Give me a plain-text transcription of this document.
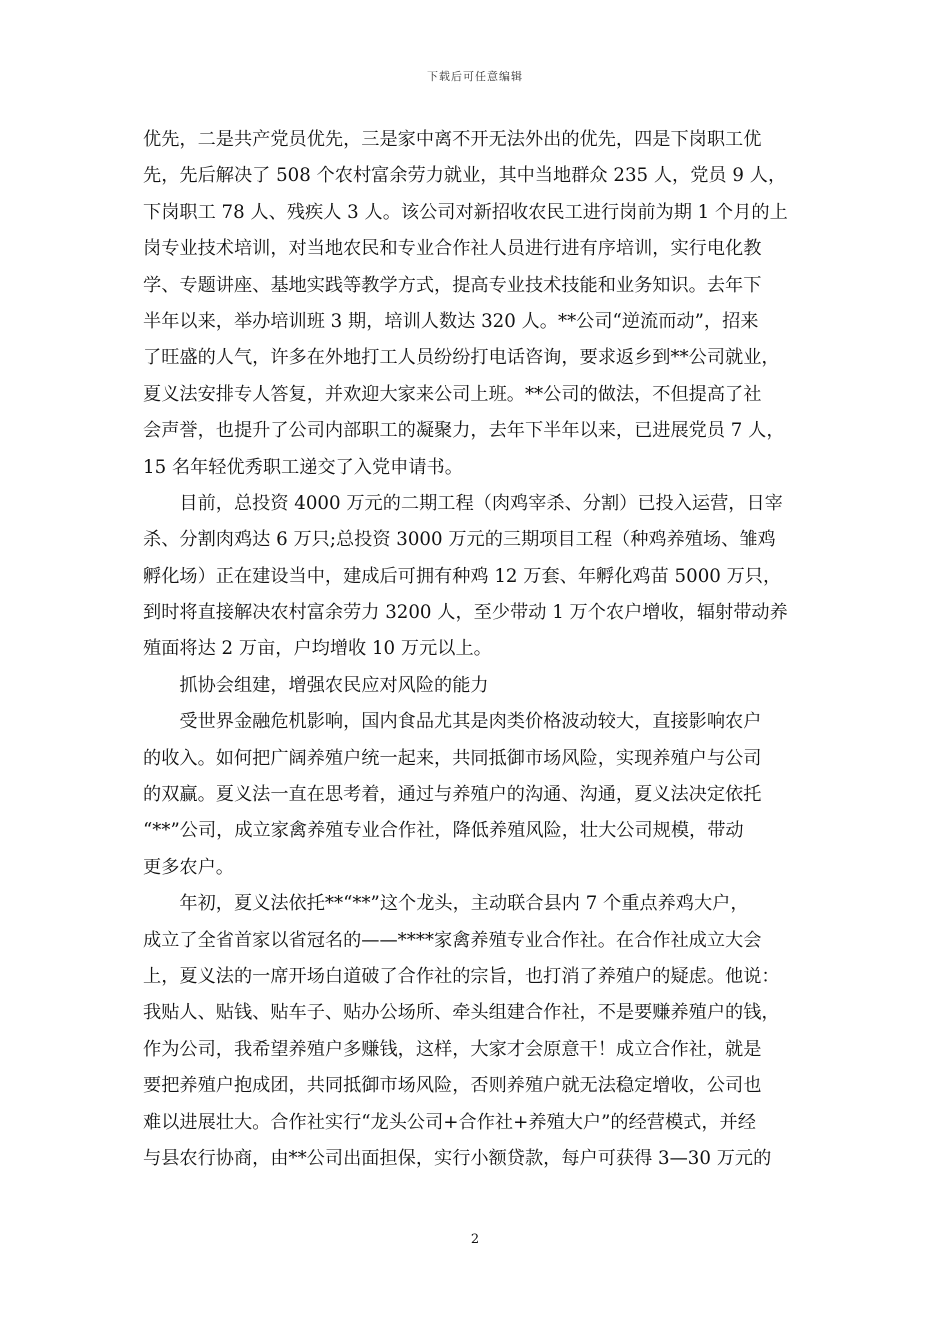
下载后可任意编辑
优先，二是共产党员优先，三是家中离不开无法外出的优先，四是下岗职工优
先，先后解决了 508 个农村富余劳力就业，其中当地群众 235 人，党员 9 人，
下岗职工 78 人、残疾人 3 人。该公司对新招收农民工进行岗前为期 1 个月的上
岗专业技术培训，对当地农民和专业合作社人员进行进有序培训，实行电化教
学、专题讲座、基地实践等教学方式，提高专业技术技能和业务知识。去年下
半年以来，举办培训班 3 期，培训人数达 320 人。**公司“逆流而动”，招来
了旺盛的人气，许多在外地打工人员纷纷打电话咨询，要求返乡到**公司就业，
夏义法安排专人答复，并欢迎大家来公司上班。**公司的做法，不但提高了社
会声誉，也提升了公司内部职工的凝聚力，去年下半年以来，已进展党员 7 人，
15 名年轻优秀职工递交了入党申请书。
　　目前，总投资 4000 万元的二期工程（肉鸡宰杀、分割）已投入运营，日宰
杀、分割肉鸡达 6 万只;总投资 3000 万元的三期项目工程（种鸡养殖场、雏鸡
孵化场）正在建设当中，建成后可拥有种鸡 12 万套、年孵化鸡苗 5000 万只，
到时将直接解决农村富余劳力 3200 人，至少带动 1 万个农户增收，辐射带动养
殖面将达 2 万亩，户均增收 10 万元以上。
　　抓协会组建，增强农民应对风险的能力
　　受世界金融危机影响，国内食品尤其是肉类价格波动较大，直接影响农户
的收入。如何把广阔养殖户统一起来，共同抵御市场风险，实现养殖户与公司
的双赢。夏义法一直在思考着，通过与养殖户的沟通、沟通，夏义法决定依托
“**”公司，成立家禽养殖专业合作社，降低养殖风险，壮大公司规模，带动
更多农户。
　　年初，夏义法依托**“**”这个龙头，主动联合县内 7 个重点养鸡大户，
成立了全省首家以省冠名的——****家禽养殖专业合作社。在合作社成立大会
上，夏义法的一席开场白道破了合作社的宗旨，也打消了养殖户的疑虑。他说：
我贴人、贴钱、贴车子、贴办公场所、牵头组建合作社，不是要赚养殖户的钱，
作为公司，我希望养殖户多赚钱，这样，大家才会原意干！成立合作社，就是
要把养殖户抱成团，共同抵御市场风险，否则养殖户就无法稳定增收，公司也
难以进展壮大。合作社实行“龙头公司+合作社+养殖大户”的经营模式，并经
与县农行协商，由**公司出面担保，实行小额贷款，每户可获得 3—30 万元的
2
